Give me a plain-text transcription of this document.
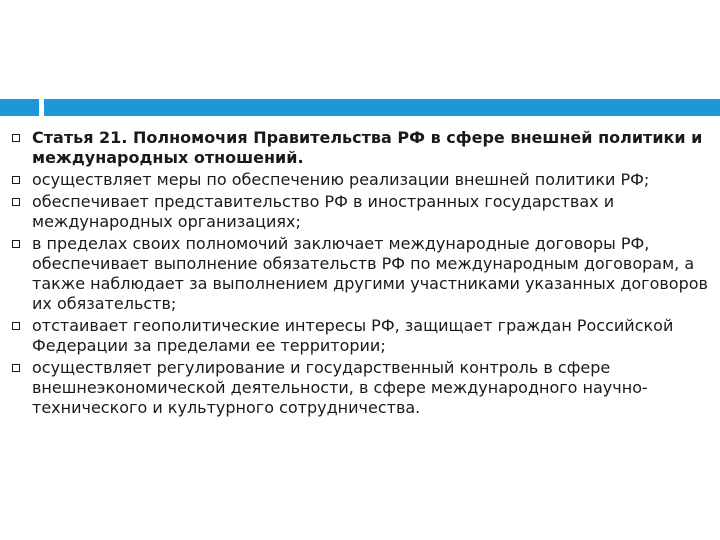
Статья 21. Полномочия Правительства РФ в сфере внешней политики и международных отношений.
осуществляет меры по обеспечению реализации внешней политики РФ;
обеспечивает представительство РФ в иностранных государствах и международных организациях;
в пределах своих полномочий заключает международные договоры РФ, обеспечивает выполнение обязательств РФ по международным договорам, а также наблюдает за выполнением другими участниками указанных договоров их обязательств;
отстаивает геополитические интересы РФ, защищает граждан Российской Федерации за пределами ее территории;
осуществляет регулирование и государственный контроль в сфере внешнеэкономической деятельности, в сфере международного научно-технического и культурного сотрудничества.
